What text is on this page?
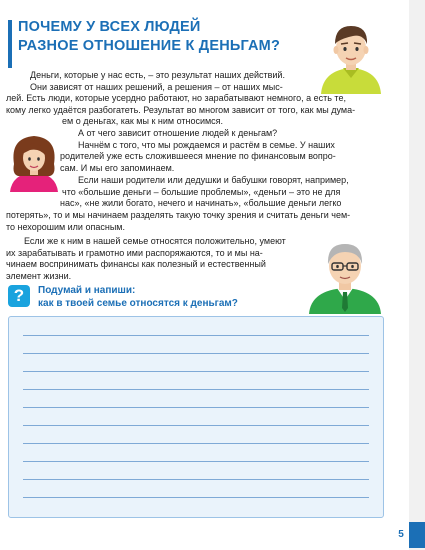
ПОЧЕМУ У ВСЕХ ЛЮДЕЙ
РАЗНОЕ ОТНОШЕНИЕ К ДЕНЬГАМ?
Деньги, которые у нас есть, – это результат наших действий.
Они зависят от наших решений, а решения – от наших мыс-
лей. Есть люди, которые усердно работают, но зарабатывают немного, а есть те,
кому легко удаётся разбогатеть. Результат во многом зависит от того, как мы дума-
ем о деньгах, как мы к ним относимся.
А от чего зависит отношение людей к деньгам?
Начнём с того, что мы рождаемся и растём в семье. У наших
родителей уже есть сложившееся мнение по финансовым вопро-
сам. И мы его запоминаем.
Если наши родители или дедушки и бабушки говорят, например,
что «большие деньги – большие проблемы», «деньги – это не для
нас», «не жили богато, нечего и начинать», «большие деньги легко
потерять», то и мы начинаем разделять такую точку зрения и считать деньги чем-
то нехорошим или опасным.
Если же к ним в нашей семье относятся положительно, умеют
их зарабатывать и грамотно ими распоряжаются, то и мы на-
чинаем воспринимать финансы как полезный и естественный
элемент жизни.
?	Подумай и напиши:
как в твоей семье относятся к деньгам?
5
